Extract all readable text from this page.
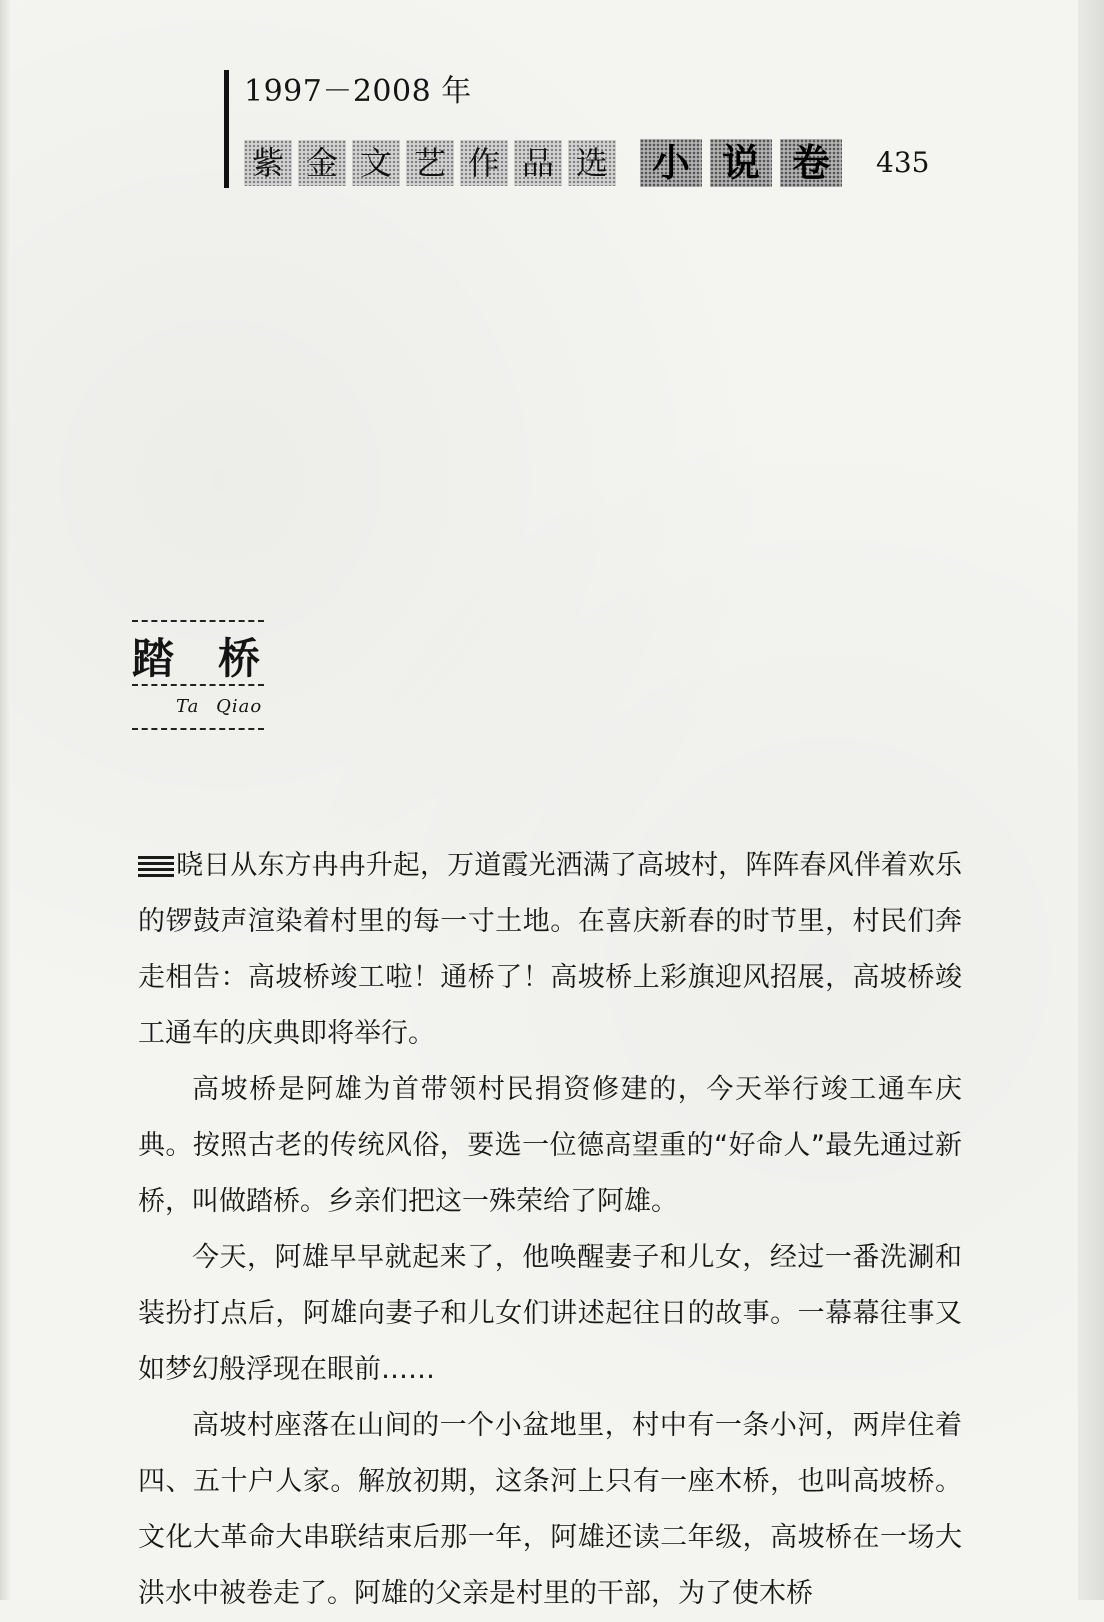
1997－2008 年
紫 金 文 艺 作 品 选	小 说 卷	435
踏桥
Ta Qiao

晓日从东方冉冉升起，万道霞光洒满了高坡村，阵阵春风伴着欢乐的锣鼓声渲染着村里的每一寸土地。在喜庆新春的时节里，村民们奔走相告：高坡桥竣工啦！通桥了！高坡桥上彩旗迎风招展，高坡桥竣工通车的庆典即将举行。

高坡桥是阿雄为首带领村民捐资修建的，今天举行竣工通车庆典。按照古老的传统风俗，要选一位德高望重的“好命人”最先通过新桥，叫做踏桥。乡亲们把这一殊荣给了阿雄。

今天，阿雄早早就起来了，他唤醒妻子和儿女，经过一番洗涮和装扮打点后，阿雄向妻子和儿女们讲述起往日的故事。一幕幕往事又如梦幻般浮现在眼前……

高坡村座落在山间的一个小盆地里，村中有一条小河，两岸住着四、五十户人家。解放初期，这条河上只有一座木桥，也叫高坡桥。文化大革命大串联结束后那一年，阿雄还读二年级，高坡桥在一场大洪水中被卷走了。阿雄的父亲是村里的干部，为了使木桥
